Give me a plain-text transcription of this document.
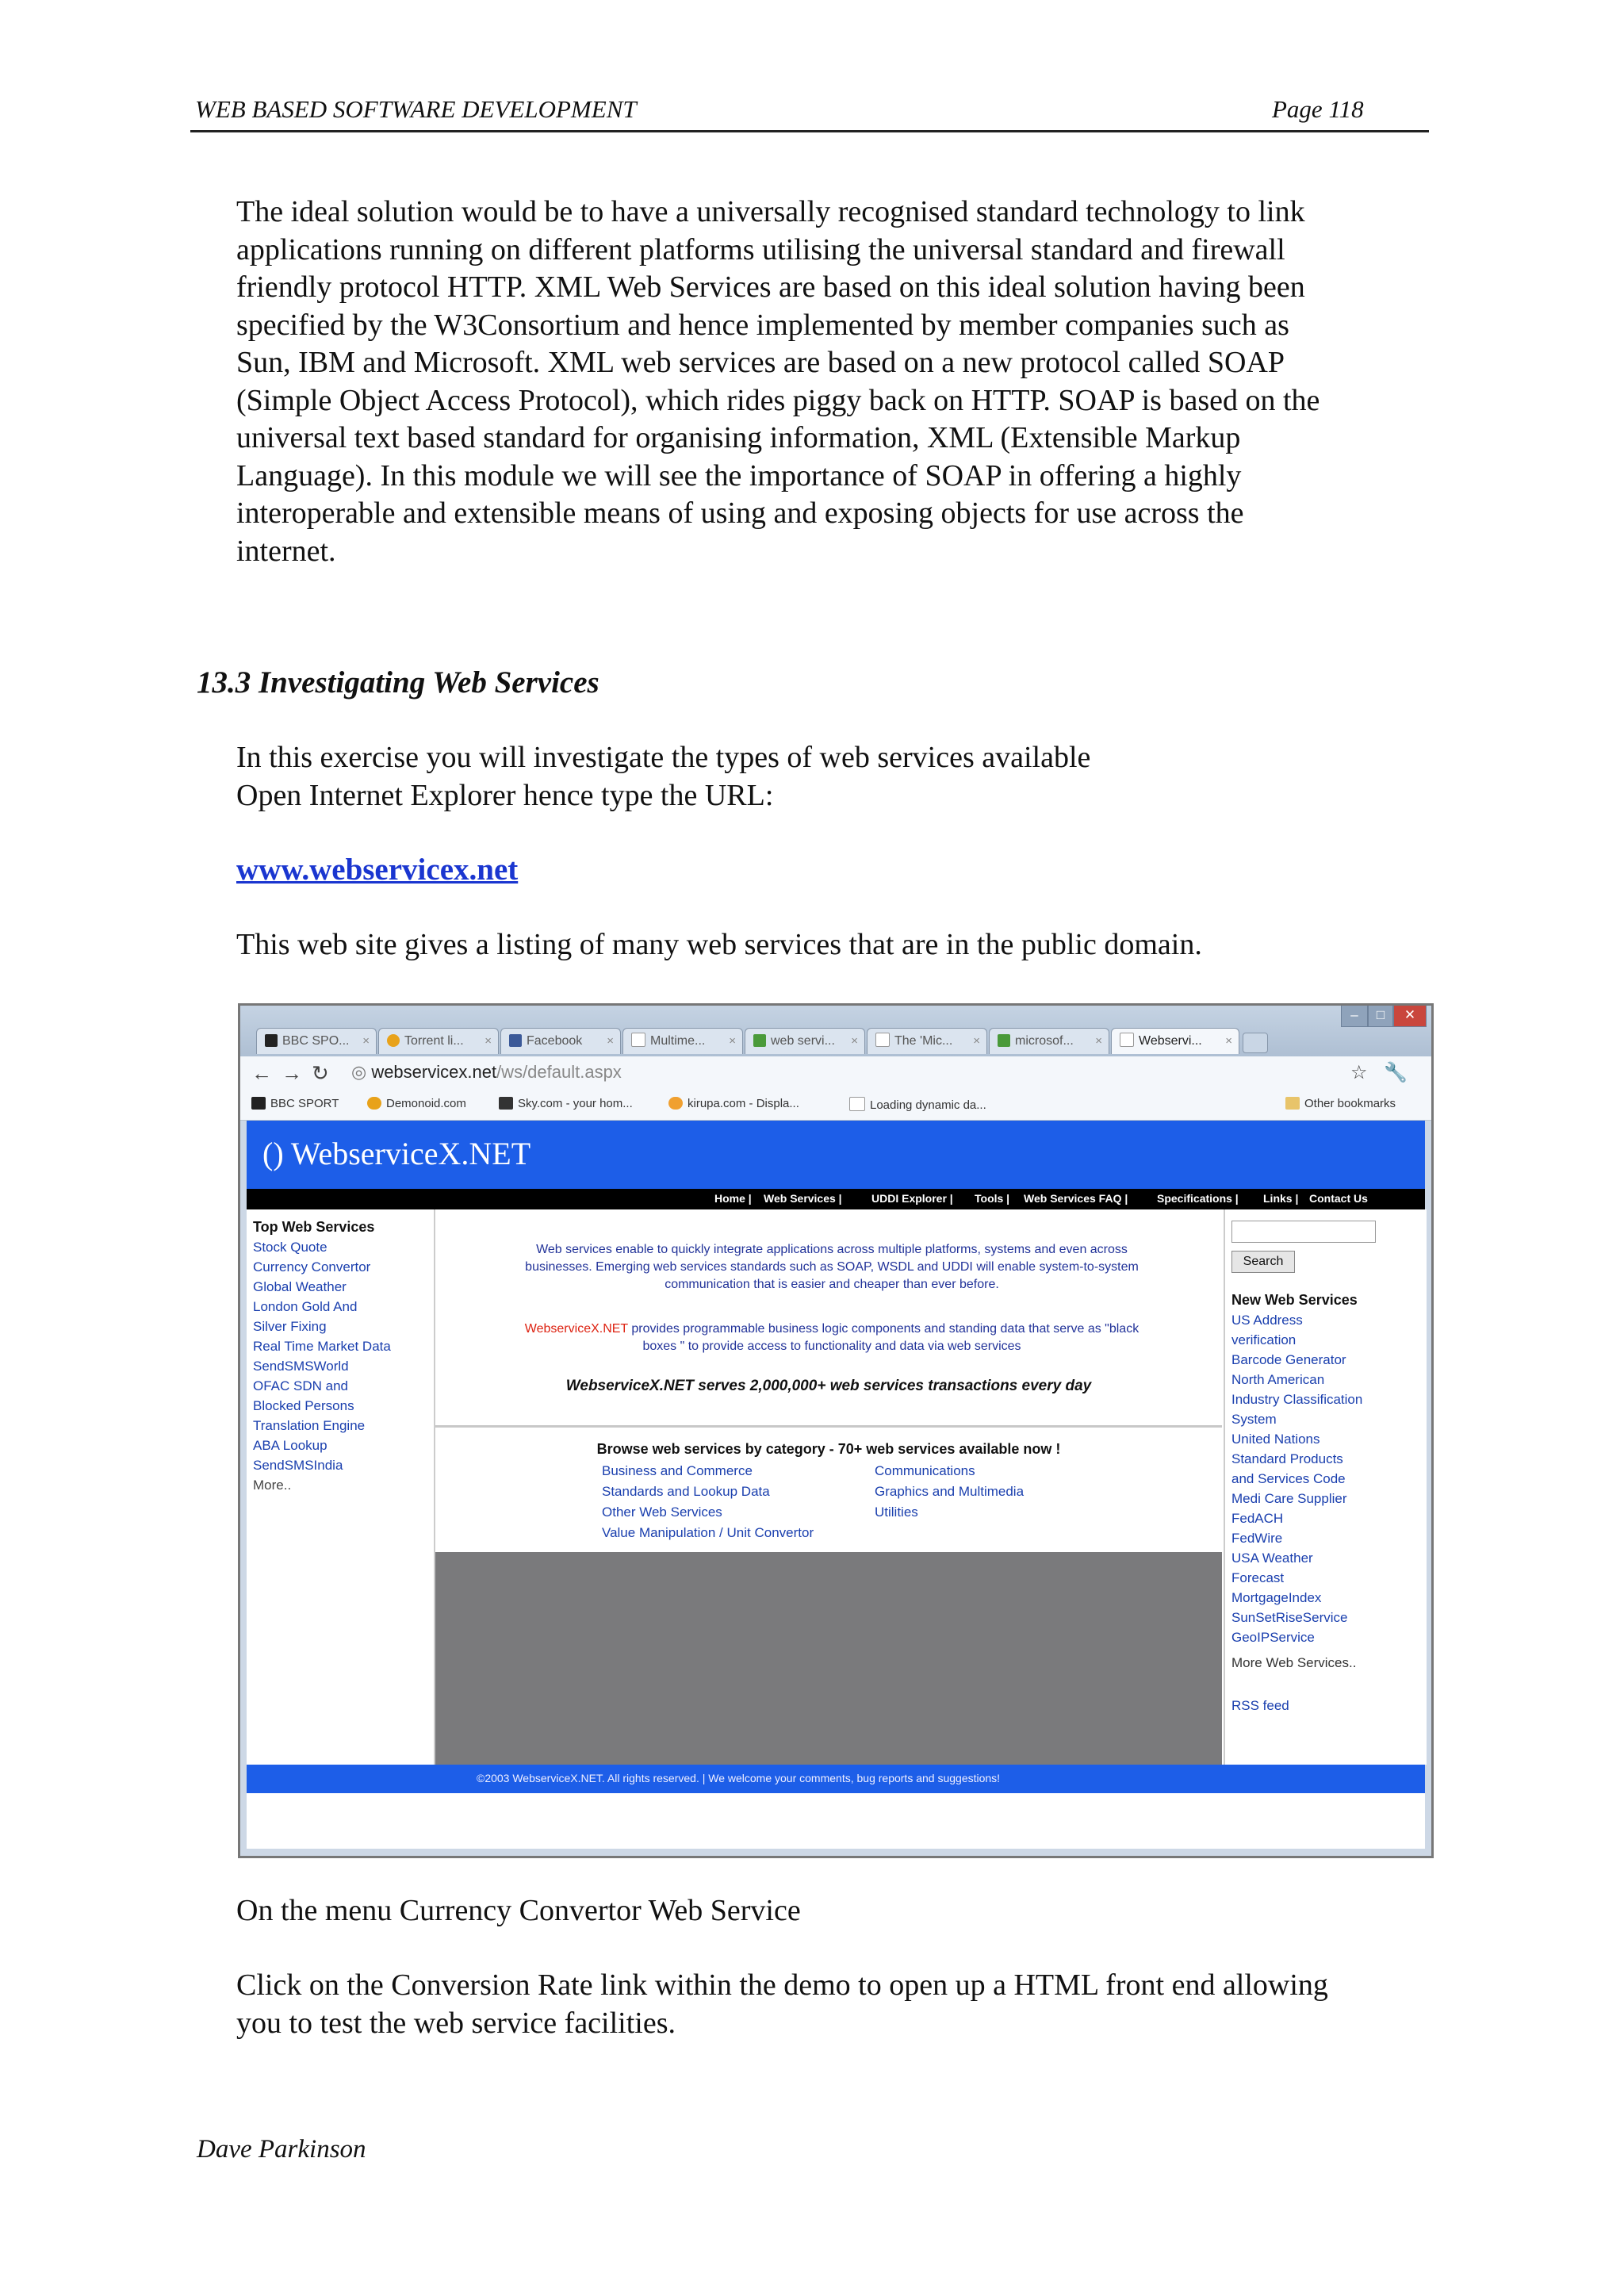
WEB BASED SOFTWARE DEVELOPMENT	Page 118
The ideal solution would be to have a universally recognised standard technology to link
applications running on different platforms utilising the universal standard and firewall
friendly protocol HTTP. XML Web Services are based on this ideal solution having been
specified by the W3Consortium and hence implemented by member companies such as
Sun, IBM and Microsoft. XML web services are based on a new protocol called SOAP
(Simple Object Access Protocol), which rides piggy back on HTTP. SOAP is based on the
universal text based standard for organising information, XML (Extensible Markup
Language). In this module we will see the importance of SOAP in offering a highly
interoperable and extensible means of using and exposing objects for use across the
internet.
13.3 Investigating Web Services
In this exercise you will investigate the types of web services available
Open Internet Explorer hence type the URL:
www.webservicex.net
This web site gives a listing of many web services that are in the public domain.
–	□	✕
BBC SPO... ×	Torrent li... ×	Facebook ×	Multime... ×	web servi... ×	The 'Mic... ×	microsof... ×	Webservi... ×
← → ↻ ◎ webservicex.net/ws/default.aspx	☆ 🔧
BBC SPORT	Demonoid.com	Sky.com - your hom...	kirupa.com - Displa...	Loading dynamic da...	Other bookmarks
() WebserviceX.NET
Home | Web Services |	UDDI Explorer | Tools | Web Services FAQ |	Specifications | Links | Contact Us
Top Web Services
Stock Quote
Currency Convertor
Global Weather
London Gold And
Silver Fixing
Real Time Market Data
SendSMSWorld
OFAC SDN and
Blocked Persons
Translation Engine
ABA Lookup
SendSMSIndia
More..
Web services enable to quickly integrate applications across multiple platforms, systems and even across
businesses. Emerging web services standards such as SOAP, WSDL and UDDI will enable system-to-system
communication that is easier and cheaper than ever before.
WebserviceX.NET provides programmable business logic components and standing data that serve as "black
boxes " to provide access to functionality and data via web services
WebserviceX.NET serves 2,000,000+ web services transactions every day
Browse web services by category - 70+ web services available now !
Business and Commerce	Communications
Standards and Lookup Data	Graphics and Multimedia
Other Web Services	Utilities
Value Manipulation / Unit Convertor
Search
New Web Services
US Address
verification
Barcode Generator
North American
Industry Classification
System
United Nations
Standard Products
and Services Code
Medi Care Supplier
FedACH
FedWire
USA Weather
Forecast
MortgageIndex
SunSetRiseService
GeoIPService
More Web Services..
RSS feed
©2003 WebserviceX.NET. All rights reserved. | We welcome your comments, bug reports and suggestions!
On the menu Currency Convertor Web Service
Click on the Conversion Rate link within the demo to open up a HTML front end allowing
you to test the web service facilities.
Dave Parkinson
